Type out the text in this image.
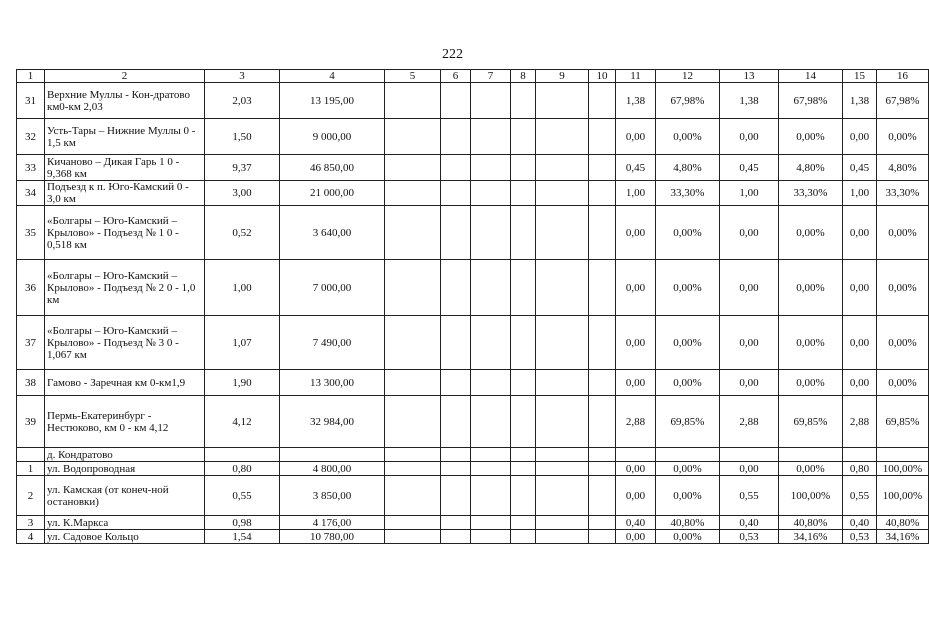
222
1	2	3	4	5	6	7	8	9	10	11	12	13	14	15	16
31	Верхние Муллы - Кон-дратово км0-км 2,03	2,03	13 195,00							1,38	67,98%	1,38	67,98%	1,38	67,98%
32	Усть-Тары – Нижние Муллы 0 - 1,5 км	1,50	9 000,00							0,00	0,00%	0,00	0,00%	0,00	0,00%
33	Кичаново – Дикая Гарь 1 0 - 9,368 км	9,37	46 850,00							0,45	4,80%	0,45	4,80%	0,45	4,80%
34	Подъезд к п. Юго-Камский 0 - 3,0 км	3,00	21 000,00							1,00	33,30%	1,00	33,30%	1,00	33,30%
35	«Болгары – Юго-Камский – Крылово» - Подъезд № 1 0 - 0,518 км	0,52	3 640,00							0,00	0,00%	0,00	0,00%	0,00	0,00%
36	«Болгары – Юго-Камский – Крылово» - Подъезд № 2 0 - 1,0 км	1,00	7 000,00							0,00	0,00%	0,00	0,00%	0,00	0,00%
37	«Болгары – Юго-Камский – Крылово» - Подъезд № 3 0 - 1,067 км	1,07	7 490,00							0,00	0,00%	0,00	0,00%	0,00	0,00%
38	Гамово - Заречная км 0-км1,9	1,90	13 300,00							0,00	0,00%	0,00	0,00%	0,00	0,00%
39	Пермь-Екатеринбург - Нестюково, км 0 - км 4,12	4,12	32 984,00							2,88	69,85%	2,88	69,85%	2,88	69,85%
	д. Кондратово														
1	ул. Водопроводная	0,80	4 800,00							0,00	0,00%	0,00	0,00%	0,80	100,00%
2	ул. Камская (от конеч-ной остановки)	0,55	3 850,00							0,00	0,00%	0,55	100,00%	0,55	100,00%
3	ул. К.Маркса	0,98	4 176,00							0,40	40,80%	0,40	40,80%	0,40	40,80%
4	ул. Садовое Кольцо	1,54	10 780,00							0,00	0,00%	0,53	34,16%	0,53	34,16%
